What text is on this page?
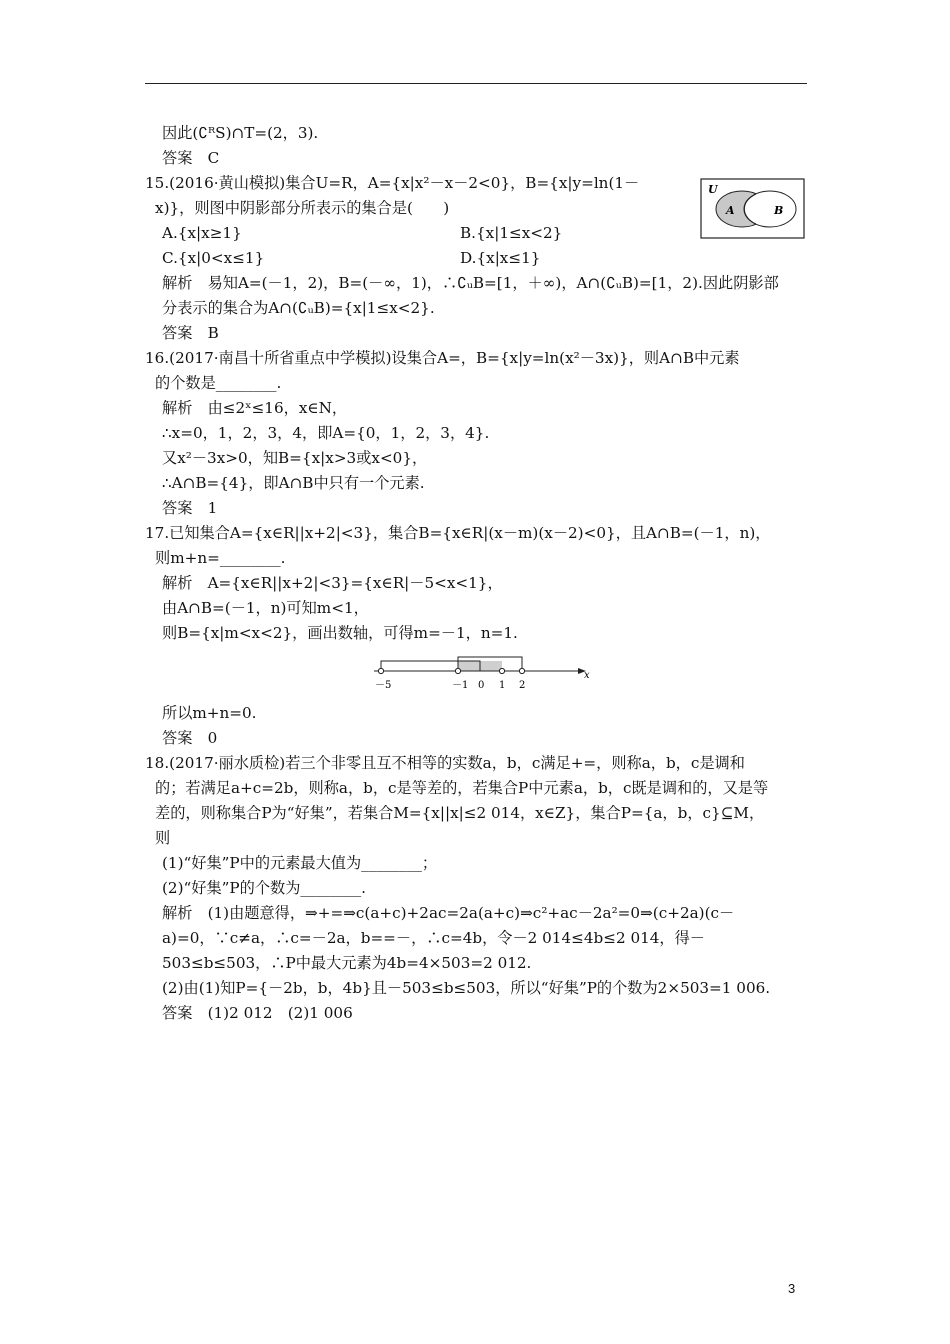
因此(∁ᴿS)∩T=(2，3).
答案　C
15.(2016·黄山模拟)集合U=R，A={x|x²－x－2<0}，B={x|y=ln(1－
x)}，则图中阴影部分所表示的集合是(　　)
A.{x|x≥1}	B.{x|1≤x<2}
C.{x|0<x≤1}	D.{x|x≤1}
解析　易知A=(－1，2)，B=(－∞，1)，∴∁ᵤB=[1，＋∞)，A∩(∁ᵤB)=[1，2).因此阴影部
分表示的集合为A∩(∁ᵤB)={x|1≤x<2}.
答案　B
16.(2017·南昌十所省重点中学模拟)设集合A=，B={x|y=ln(x²－3x)}，则A∩B中元素
的个数是________.
解析　由≤2ˣ≤16，x∈N，
∴x=0，1，2，3，4，即A={0，1，2，3，4}.
又x²－3x>0，知B={x|x>3或x<0}，
∴A∩B={4}，即A∩B中只有一个元素.
答案　1
17.已知集合A={x∈R||x+2|<3}，集合B={x∈R|(x－m)(x－2)<0}，且A∩B=(－1，n)，
则m+n=________.
解析　A={x∈R||x+2|<3}={x∈R|－5<x<1}，
由A∩B=(－1，n)可知m<1，
则B={x|m<x<2}，画出数轴，可得m=－1，n=1.
所以m+n=0.
答案　0
18.(2017·丽水质检)若三个非零且互不相等的实数a，b，c满足+=，则称a，b，c是调和
的；若满足a+c=2b，则称a，b，c是等差的，若集合P中元素a，b，c既是调和的，又是等
差的，则称集合P为“好集”，若集合M={x||x|≤2 014，x∈Z}，集合P={a，b，c}⊆M，
则
(1)“好集”P中的元素最大值为________；
(2)“好集”P的个数为________.
解析　(1)由题意得，⇒+=⇒c(a+c)+2ac=2a(a+c)⇒c²+ac－2a²=0⇒(c+2a)(c－
a)=0，∵c≠a，∴c=－2a，b==－，∴c=4b，令－2 014≤4b≤2 014，得－
503≤b≤503，∴P中最大元素为4b=4×503=2 012.
(2)由(1)知P={－2b，b，4b}且－503≤b≤503，所以“好集”P的个数为2×503=1 006.
答案　(1)2 012　(2)1 006
U
A	B
－5	－1 0 1 2
x
3
